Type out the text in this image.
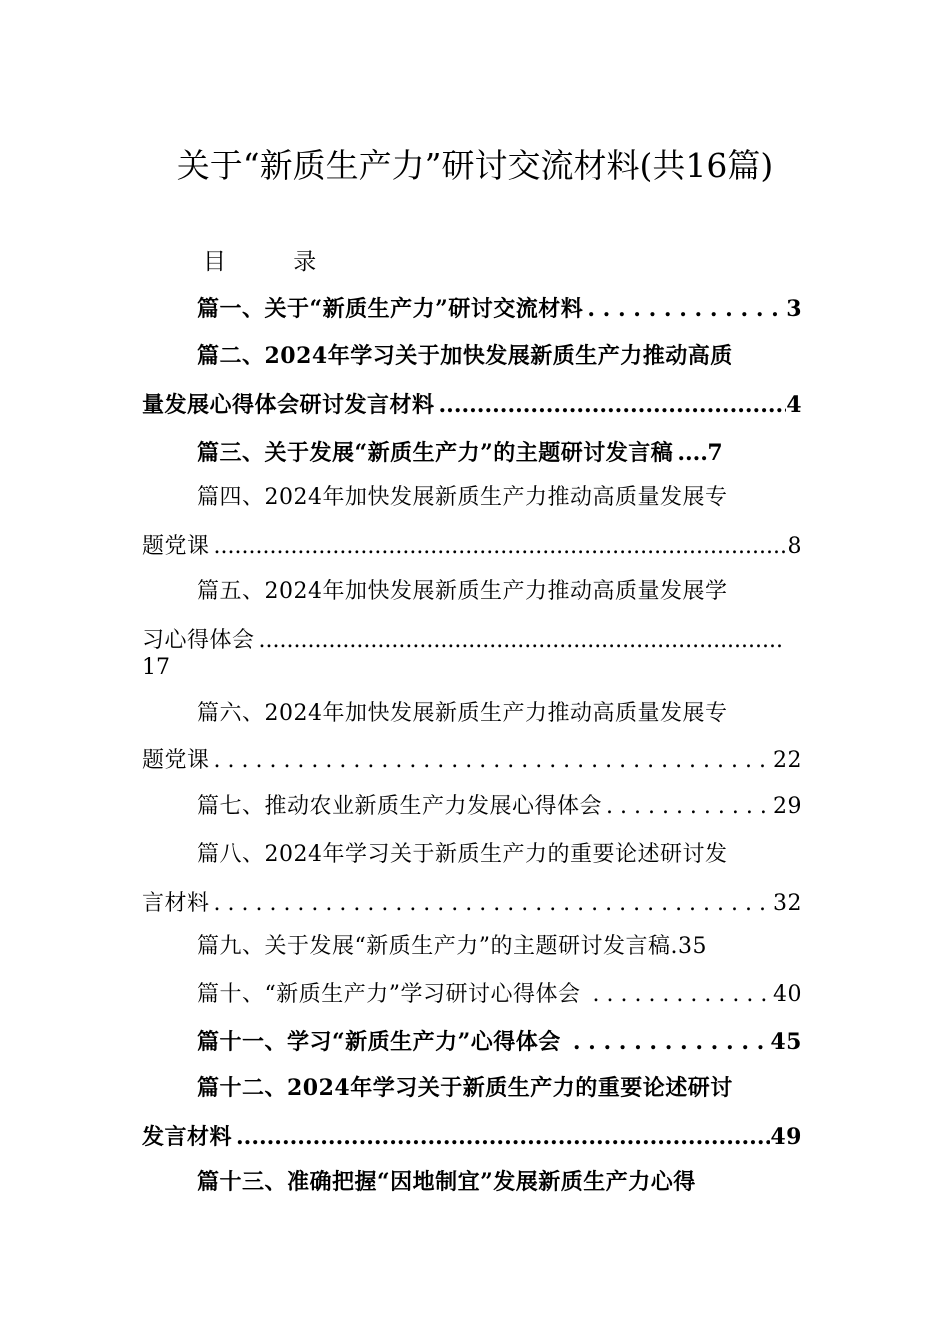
关于“新质生产力”研讨交流材料(共16篇)
目 录
篇一、关于“新质生产力”研讨交流材料 . . .	3
篇二、2024年学习关于加快发展新质生产力推动高质
量发展心得体会研讨发言材料 .....	4
篇三、关于发展“新质生产力”的主题研讨发言稿 ..... 7
篇四、2024年加快发展新质生产力推动高质量发展专
题党课 .....	8
篇五、2024年加快发展新质生产力推动高质量发展学
习心得体会
.....
17
篇六、2024年加快发展新质生产力推动高质量发展专
题党课 . . .	22
篇七、推动农业新质生产力发展心得体会 . . .	29
篇八、2024年学习关于新质生产力的重要论述研讨发
言材料 . . .	32
篇九、关于发展“新质生产力”的主题研讨发言稿. 35
篇十、“新质生产力”学习研讨心得体会 . . .	40
篇十一、学习“新质生产力”心得体会 . . .	45
篇十二、2024年学习关于新质生产力的重要论述研讨
发言材料 .....	49
篇十三、准确把握“因地制宜”发展新质生产力心得
